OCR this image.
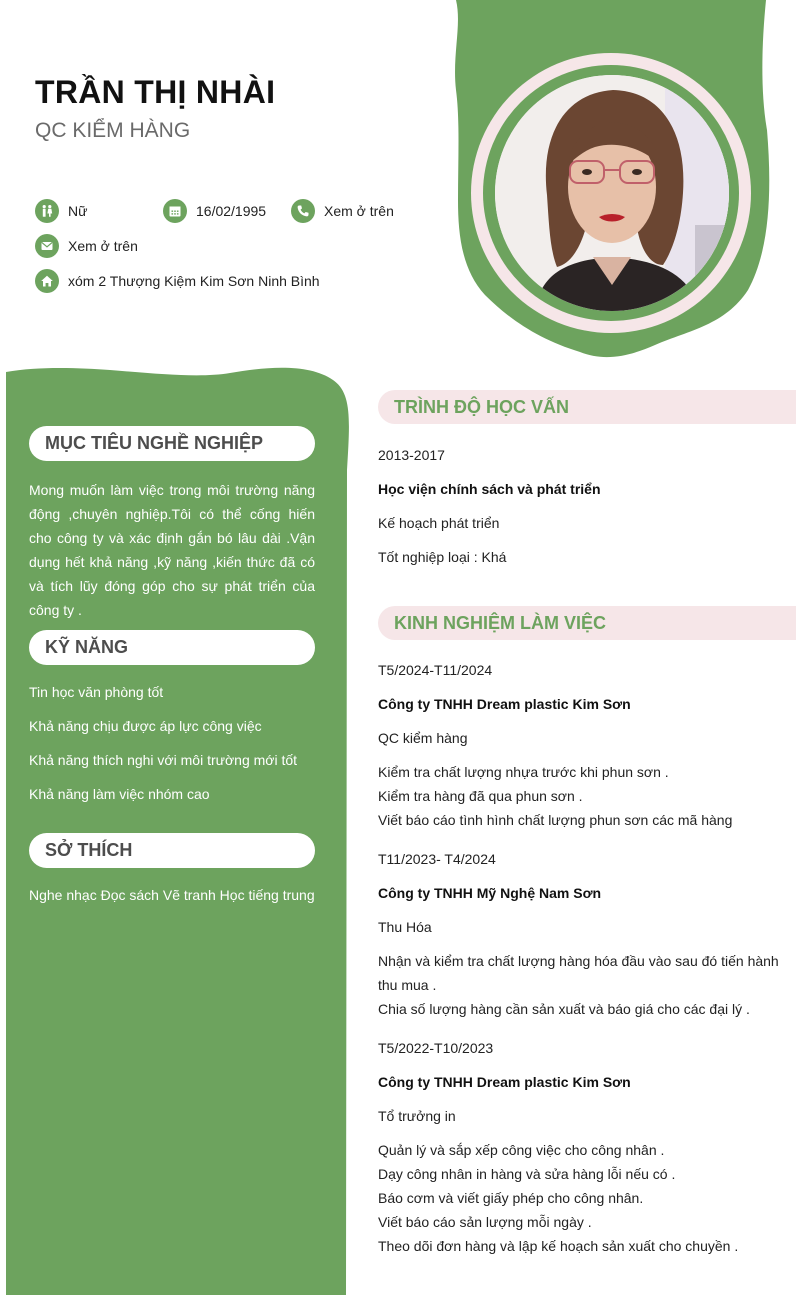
TRẦN THỊ NHÀI
QC KIỂM HÀNG
Nữ	16/02/1995	Xem ở trên
Xem ở trên
xóm 2 Thượng Kiệm Kim Sơn Ninh Bình
MỤC TIÊU NGHỀ NGHIỆP
Mong muốn làm việc trong môi trường năng động ,chuyên nghiệp.Tôi có thể cống hiến cho công ty và xác định gắn bó lâu dài .Vận dụng hết khả năng ,kỹ năng ,kiến thức đã có và tích lũy đóng góp cho sự phát triển của công ty .
KỸ NĂNG
Tin học văn phòng tốt
Khả năng chịu được áp lực công việc
Khả năng thích nghi với môi trường mới tốt
Khả năng làm việc nhóm cao
SỞ THÍCH
Nghe nhạc Đọc sách Vẽ tranh Học tiếng trung
TRÌNH ĐỘ HỌC VẤN
2013-2017
Học viện chính sách và phát triển
Kế hoạch phát triển
Tốt nghiệp loại : Khá
KINH NGHIỆM LÀM VIỆC
T5/2024-T11/2024
Công ty TNHH Dream plastic Kim Sơn
QC kiểm hàng
Kiểm tra chất lượng nhựa trước khi phun sơn .
Kiểm tra hàng đã qua phun sơn .
Viết báo cáo tình hình chất lượng phun sơn các mã hàng
T11/2023- T4/2024
Công ty TNHH Mỹ Nghệ Nam Sơn
Thu Hóa
Nhận và kiểm tra chất lượng hàng hóa đầu vào sau đó tiến hành thu mua .
Chia số lượng hàng cần sản xuất và báo giá cho các đại lý .
T5/2022-T10/2023
Công ty TNHH Dream plastic Kim Sơn
Tổ trưởng in
Quản lý và sắp xếp công việc cho công nhân .
Dạy công nhân in hàng và sửa hàng lỗi nếu có .
Báo cơm và viết giấy phép cho công nhân.
Viết báo cáo sản lượng mỗi ngày .
Theo dõi đơn hàng và lập kế hoạch sản xuất cho chuyền .
